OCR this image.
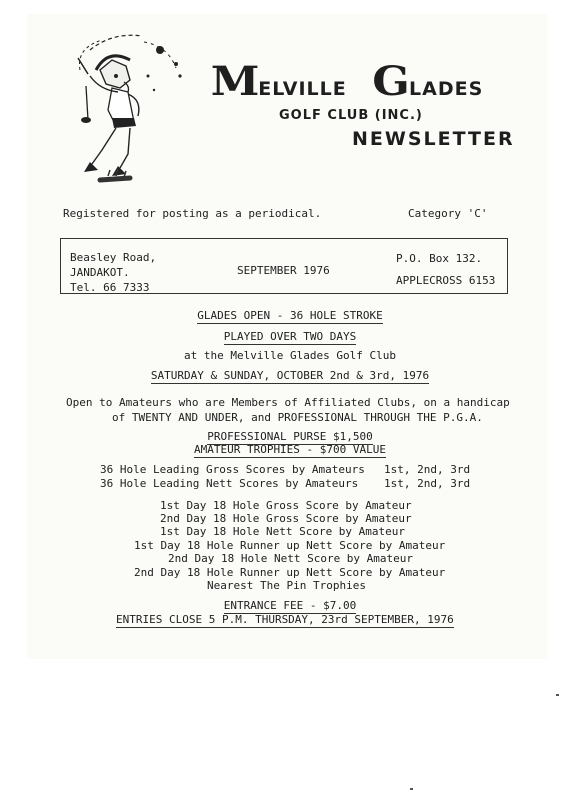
MELVILLE GLADES
GOLF CLUB (INC.)
NEWSLETTER
Registered for posting as a periodical.	Category 'C'
Beasley Road,
JANDAKOT.
Tel. 66 7333
SEPTEMBER 1976
P.O. Box 132.
APPLECROSS 6153
GLADES OPEN - 36 HOLE STROKE
PLAYED OVER TWO DAYS
at the Melville Glades Golf Club
SATURDAY & SUNDAY, OCTOBER 2nd & 3rd, 1976
Open to Amateurs who are Members of Affiliated Clubs, on a handicap
of TWENTY AND UNDER, and PROFESSIONAL THROUGH THE P.G.A.
PROFESSIONAL PURSE $1,500
AMATEUR TROPHIES - $700 VALUE
36 Hole Leading Gross Scores by Amateurs 1st, 2nd, 3rd
36 Hole Leading Nett Scores by Amateurs 1st, 2nd, 3rd
1st Day 18 Hole Gross Score by Amateur
2nd Day 18 Hole Gross Score by Amateur
1st Day 18 Hole Nett Score by Amateur
1st Day 18 Hole Runner up Nett Score by Amateur
2nd Day 18 Hole Nett Score by Amateur
2nd Day 18 Hole Runner up Nett Score by Amateur
Nearest The Pin Trophies
ENTRANCE FEE - $7.00
ENTRIES CLOSE 5 P.M. THURSDAY, 23rd SEPTEMBER, 1976
